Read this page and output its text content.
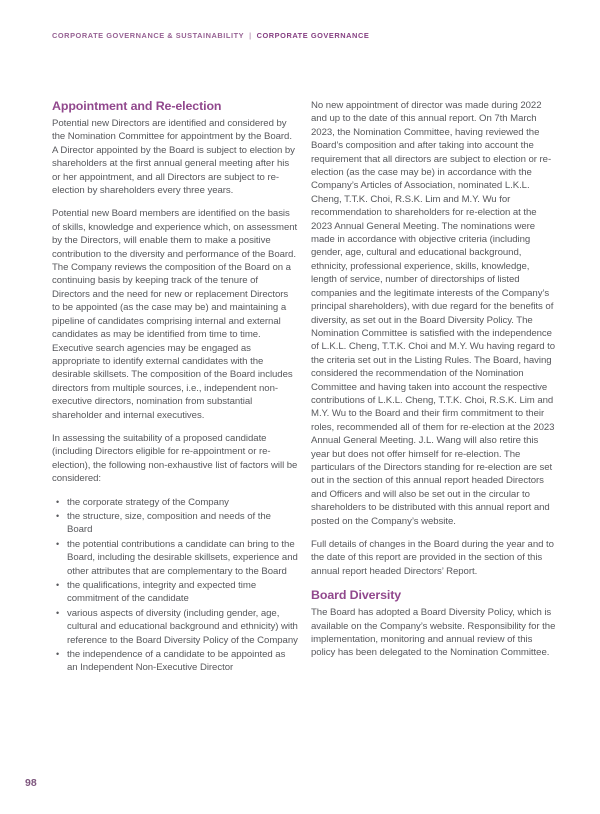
CORPORATE GOVERNANCE & SUSTAINABILITY | CORPORATE GOVERNANCE
Appointment and Re-election

Potential new Directors are identified and considered by the Nomination Committee for appointment by the Board. A Director appointed by the Board is subject to election by shareholders at the first annual general meeting after his or her appointment, and all Directors are subject to re-election by shareholders every three years.

Potential new Board members are identified on the basis of skills, knowledge and experience which, on assessment by the Directors, will enable them to make a positive contribution to the diversity and performance of the Board. The Company reviews the composition of the Board on a continuing basis by keeping track of the tenure of Directors and the need for new or replacement Directors to be appointed (as the case may be) and maintaining a pipeline of candidates comprising internal and external candidates as may be identified from time to time. Executive search agencies may be engaged as appropriate to identify external candidates with the desirable skillsets. The composition of the Board includes directors from multiple sources, i.e., independent non-executive directors, nomination from substantial shareholder and internal executives.

In assessing the suitability of a proposed candidate (including Directors eligible for re-appointment or re-election), the following non-exhaustive list of factors will be considered:

• the corporate strategy of the Company
• the structure, size, composition and needs of the Board
• the potential contributions a candidate can bring to the Board, including the desirable skillsets, experience and other attributes that are complementary to the Board
• the qualifications, integrity and expected time commitment of the candidate
• various aspects of diversity (including gender, age, cultural and educational background and ethnicity) with reference to the Board Diversity Policy of the Company
• the independence of a candidate to be appointed as an Independent Non-Executive Director

No new appointment of director was made during 2022 and up to the date of this annual report. On 7th March 2023, the Nomination Committee, having reviewed the Board’s composition and after taking into account the requirement that all directors are subject to election or re-election (as the case may be) in accordance with the Company’s Articles of Association, nominated L.K.L. Cheng, T.T.K. Choi, R.S.K. Lim and M.Y. Wu for recommendation to shareholders for re-election at the 2023 Annual General Meeting. The nominations were made in accordance with objective criteria (including gender, age, cultural and educational background, ethnicity, professional experience, skills, knowledge, length of service, number of directorships of listed companies and the legitimate interests of the Company’s principal shareholders), with due regard for the benefits of diversity, as set out in the Board Diversity Policy. The Nomination Committee is satisfied with the independence of L.K.L. Cheng, T.T.K. Choi and M.Y. Wu having regard to the criteria set out in the Listing Rules. The Board, having considered the recommendation of the Nomination Committee and having taken into account the respective contributions of L.K.L. Cheng, T.T.K. Choi, R.S.K. Lim and M.Y. Wu to the Board and their firm commitment to their roles, recommended all of them for re-election at the 2023 Annual General Meeting. J.L. Wang will also retire this year but does not offer himself for re-election. The particulars of the Directors standing for re-election are set out in the section of this annual report headed Directors and Officers and will also be set out in the circular to shareholders to be distributed with this annual report and posted on the Company’s website.

Full details of changes in the Board during the year and to the date of this report are provided in the section of this annual report headed Directors’ Report.

Board Diversity

The Board has adopted a Board Diversity Policy, which is available on the Company’s website. Responsibility for the implementation, monitoring and annual review of this policy has been delegated to the Nomination Committee.

98
